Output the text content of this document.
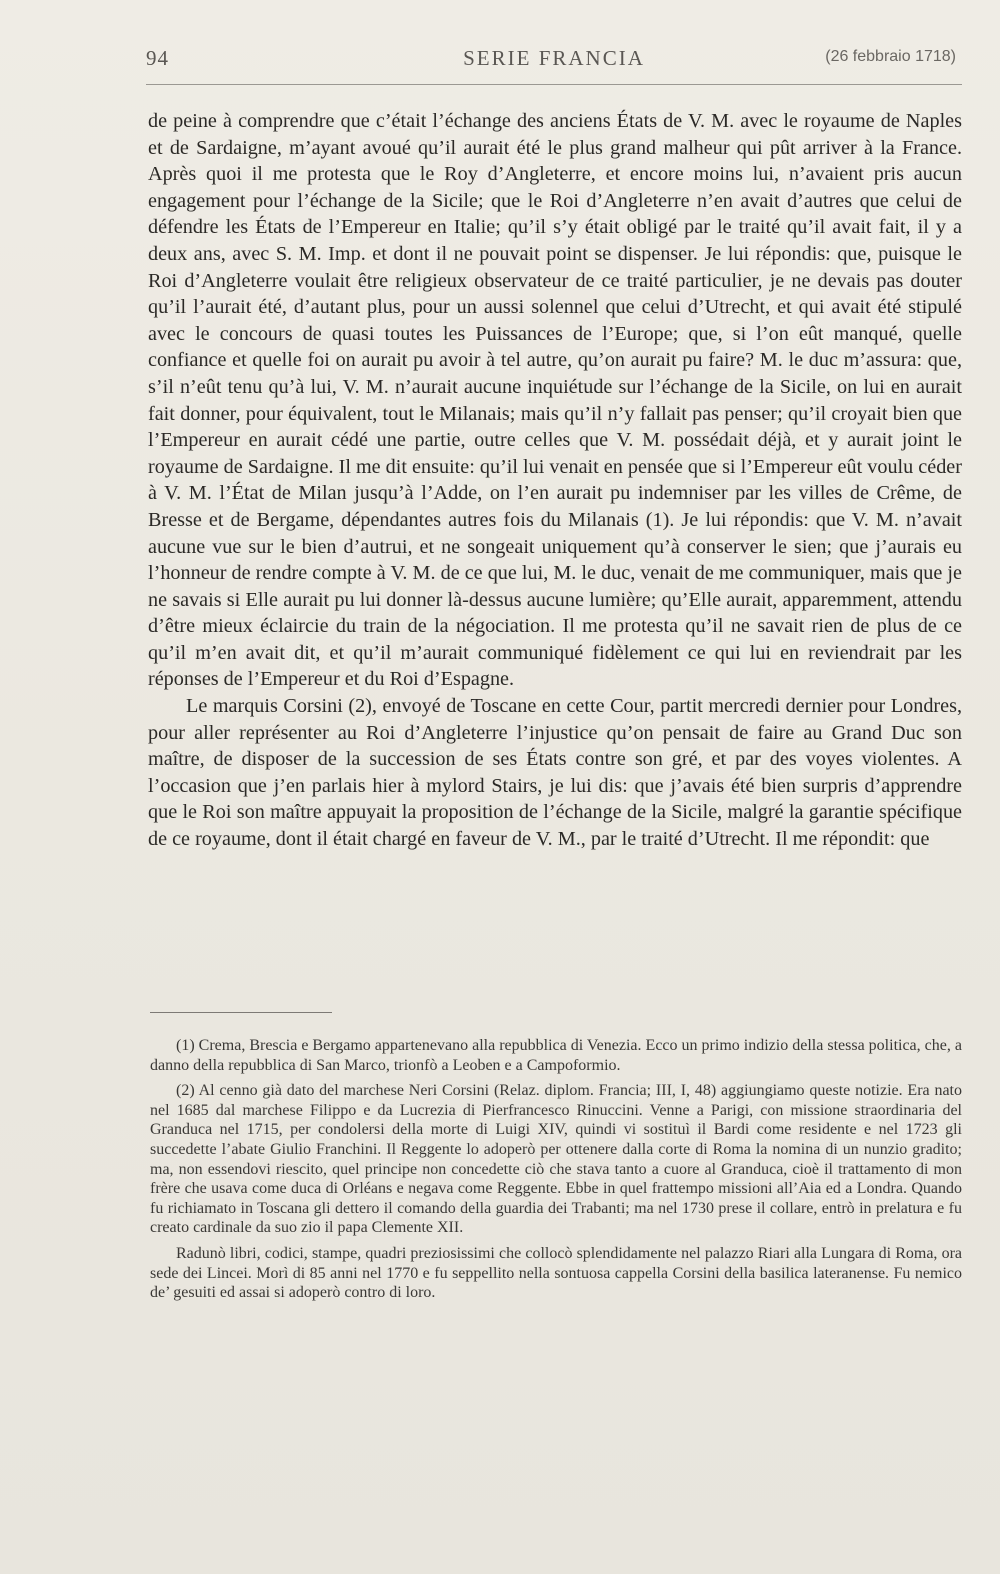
94	SERIE FRANCIA	(26 febbraio 1718)

de peine à comprendre que c’était l’échange des anciens États de V. M. avec le royaume de Naples et de Sardaigne, m’ayant avoué qu’il aurait été le plus grand malheur qui pût arriver à la France. Après quoi il me protesta que le Roy d’Angleterre, et encore moins lui, n’avaient pris aucun engagement pour l’échange de la Sicile; que le Roi d’Angleterre n’en avait d’autres que celui de défendre les États de l’Empereur en Italie; qu’il s’y était obligé par le traité qu’il avait fait, il y a deux ans, avec S. M. Imp. et dont il ne pouvait point se dispenser. Je lui répondis: que, puisque le Roi d’Angleterre voulait être religieux observateur de ce traité particulier, je ne devais pas douter qu’il l’aurait été, d’autant plus, pour un aussi solennel que celui d’Utrecht, et qui avait été stipulé avec le concours de quasi toutes les Puissances de l’Europe; que, si l’on eût manqué, quelle confiance et quelle foi on aurait pu avoir à tel autre, qu’on aurait pu faire? M. le duc m’assura: que, s’il n’eût tenu qu’à lui, V. M. n’aurait aucune inquiétude sur l’échange de la Sicile, on lui en aurait fait donner, pour équivalent, tout le Milanais; mais qu’il n’y fallait pas penser; qu’il croyait bien que l’Empereur en aurait cédé une partie, outre celles que V. M. possédait déjà, et y aurait joint le royaume de Sardaigne. Il me dit ensuite: qu’il lui venait en pensée que si l’Empereur eût voulu céder à V. M. l’État de Milan jusqu’à l’Adde, on l’en aurait pu indemniser par les villes de Crême, de Bresse et de Bergame, dépendantes autres fois du Milanais (1). Je lui répondis: que V. M. n’avait aucune vue sur le bien d’autrui, et ne songeait uniquement qu’à conserver le sien; que j’aurais eu l’honneur de rendre compte à V. M. de ce que lui, M. le duc, venait de me communiquer, mais que je ne savais si Elle aurait pu lui donner là-dessus aucune lumière; qu’Elle aurait, apparemment, attendu d’être mieux éclaircie du train de la négociation. Il me protesta qu’il ne savait rien de plus de ce qu’il m’en avait dit, et qu’il m’aurait communiqué fidèlement ce qui lui en reviendrait par les réponses de l’Empereur et du Roi d’Espagne.

Le marquis Corsini (2), envoyé de Toscane en cette Cour, partit mercredi dernier pour Londres, pour aller représenter au Roi d’Angleterre l’injustice qu’on pensait de faire au Grand Duc son maître, de disposer de la succession de ses États contre son gré, et par des voyes violentes. A l’occasion que j’en parlais hier à mylord Stairs, je lui dis: que j’avais été bien surpris d’apprendre que le Roi son maître appuyait la proposition de l’échange de la Sicile, malgré la garantie spécifique de ce royaume, dont il était chargé en faveur de V. M., par le traité d’Utrecht. Il me répondit: que

(1) Crema, Brescia e Bergamo appartenevano alla repubblica di Venezia. Ecco un primo indizio della stessa politica, che, a danno della repubblica di San Marco, trionfò a Leoben e a Campoformio.

(2) Al cenno già dato del marchese Neri Corsini (Relaz. diplom. Francia; III, I, 48) aggiungiamo queste notizie. Era nato nel 1685 dal marchese Filippo e da Lucrezia di Pierfrancesco Rinuccini. Venne a Parigi, con missione straordinaria del Granduca nel 1715, per condolersi della morte di Luigi XIV, quindi vi sostituì il Bardi come residente e nel 1723 gli succedette l’abate Giulio Franchini. Il Reggente lo adoperò per ottenere dalla corte di Roma la nomina di un nunzio gradito; ma, non essendovi riescito, quel principe non concedette ciò che stava tanto a cuore al Granduca, cioè il trattamento di mon frère che usava come duca di Orléans e negava come Reggente. Ebbe in quel frattempo missioni all’Aia ed a Londra. Quando fu richiamato in Toscana gli dettero il comando della guardia dei Trabanti; ma nel 1730 prese il collare, entrò in prelatura e fu creato cardinale da suo zio il papa Clemente XII.

Radunò libri, codici, stampe, quadri preziosissimi che collocò splendidamente nel palazzo Riari alla Lungara di Roma, ora sede dei Lincei. Morì di 85 anni nel 1770 e fu seppellito nella sontuosa cappella Corsini della basilica lateranense. Fu nemico de’ gesuiti ed assai si adoperò contro di loro.
